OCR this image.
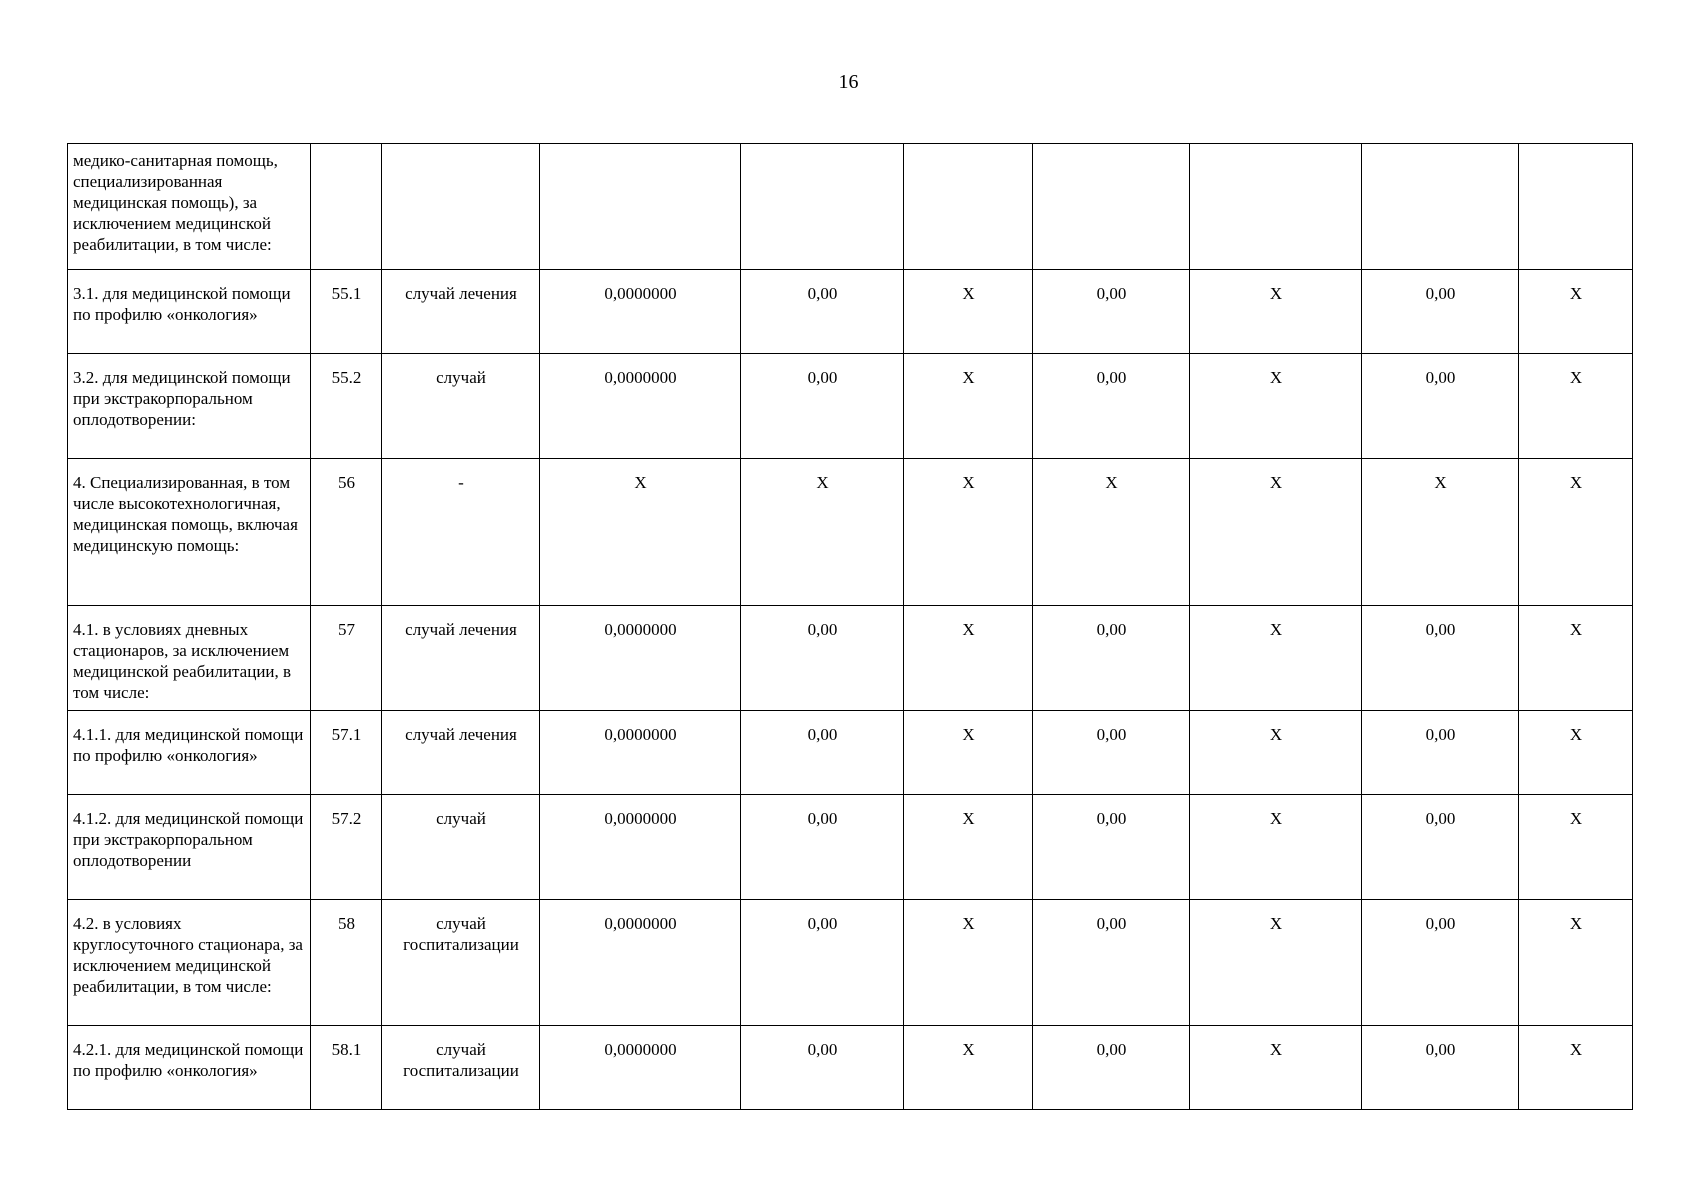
16
медико-санитарная помощь, специализированная медицинская помощь), за исключением медицинской реабилитации, в том числе:									
3.1. для медицинской помощи по профилю «онкология»	55.1	случай лечения	0,0000000	0,00	X	0,00	X	0,00	X
3.2. для медицинской помощи при экстракорпоральном оплодотворении:	55.2	случай	0,0000000	0,00	X	0,00	X	0,00	X
4. Специализированная, в том числе высокотехнологичная, медицинская помощь, включая медицинскую помощь:	56	-	X	X	X	X	X	X	X
4.1. в условиях дневных стационаров, за исключением медицинской реабилитации, в том числе:	57	случай лечения	0,0000000	0,00	X	0,00	X	0,00	X
4.1.1. для медицинской помощи по профилю «онкология»	57.1	случай лечения	0,0000000	0,00	X	0,00	X	0,00	X
4.1.2. для медицинской помощи при экстракорпоральном оплодотворении	57.2	случай	0,0000000	0,00	X	0,00	X	0,00	X
4.2. в условиях круглосуточного стационара, за исключением медицинской реабилитации, в том числе:	58	случай госпитализации	0,0000000	0,00	X	0,00	X	0,00	X
4.2.1. для медицинской помощи по профилю «онкология»	58.1	случай госпитализации	0,0000000	0,00	X	0,00	X	0,00	X
